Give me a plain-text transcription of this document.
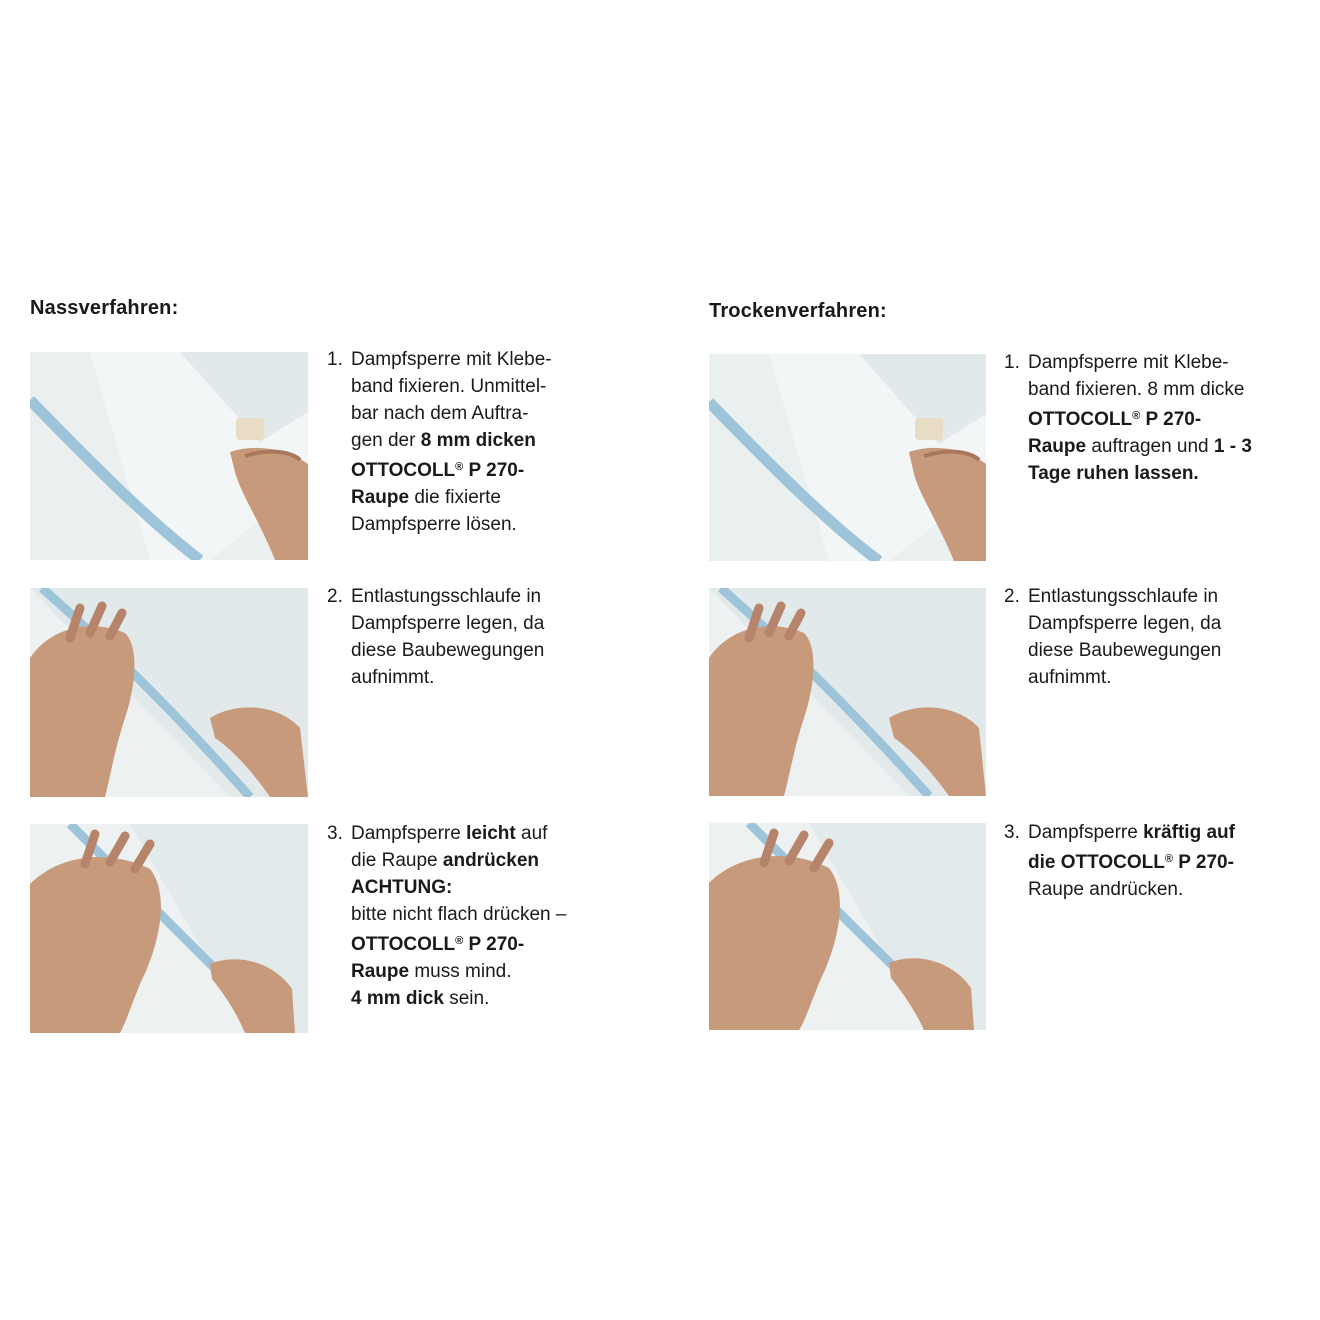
Nassverfahren:	Trockenverfahren:
1. Dampfsperre mit Klebe-
band fixieren. Unmittel-
bar nach dem Auftra-
gen der 8 mm dicken
OTTOCOLL® P 270-
Raupe die fixierte
Dampfsperre lösen.
2. Entlastungsschlaufe in
Dampfsperre legen, da
diese Baubewegungen
aufnimmt.
3. Dampfsperre leicht auf
die Raupe andrücken
ACHTUNG:
bitte nicht flach drücken –
OTTOCOLL® P 270-
Raupe muss mind.
4 mm dick sein.
1. Dampfsperre mit Klebe-
band fixieren. 8 mm dicke
OTTOCOLL® P 270-
Raupe auftragen und 1 - 3
Tage ruhen lassen.
2. Entlastungsschlaufe in
Dampfsperre legen, da
diese Baubewegungen
aufnimmt.
3. Dampfsperre kräftig auf
die OTTOCOLL® P 270-
Raupe andrücken.
